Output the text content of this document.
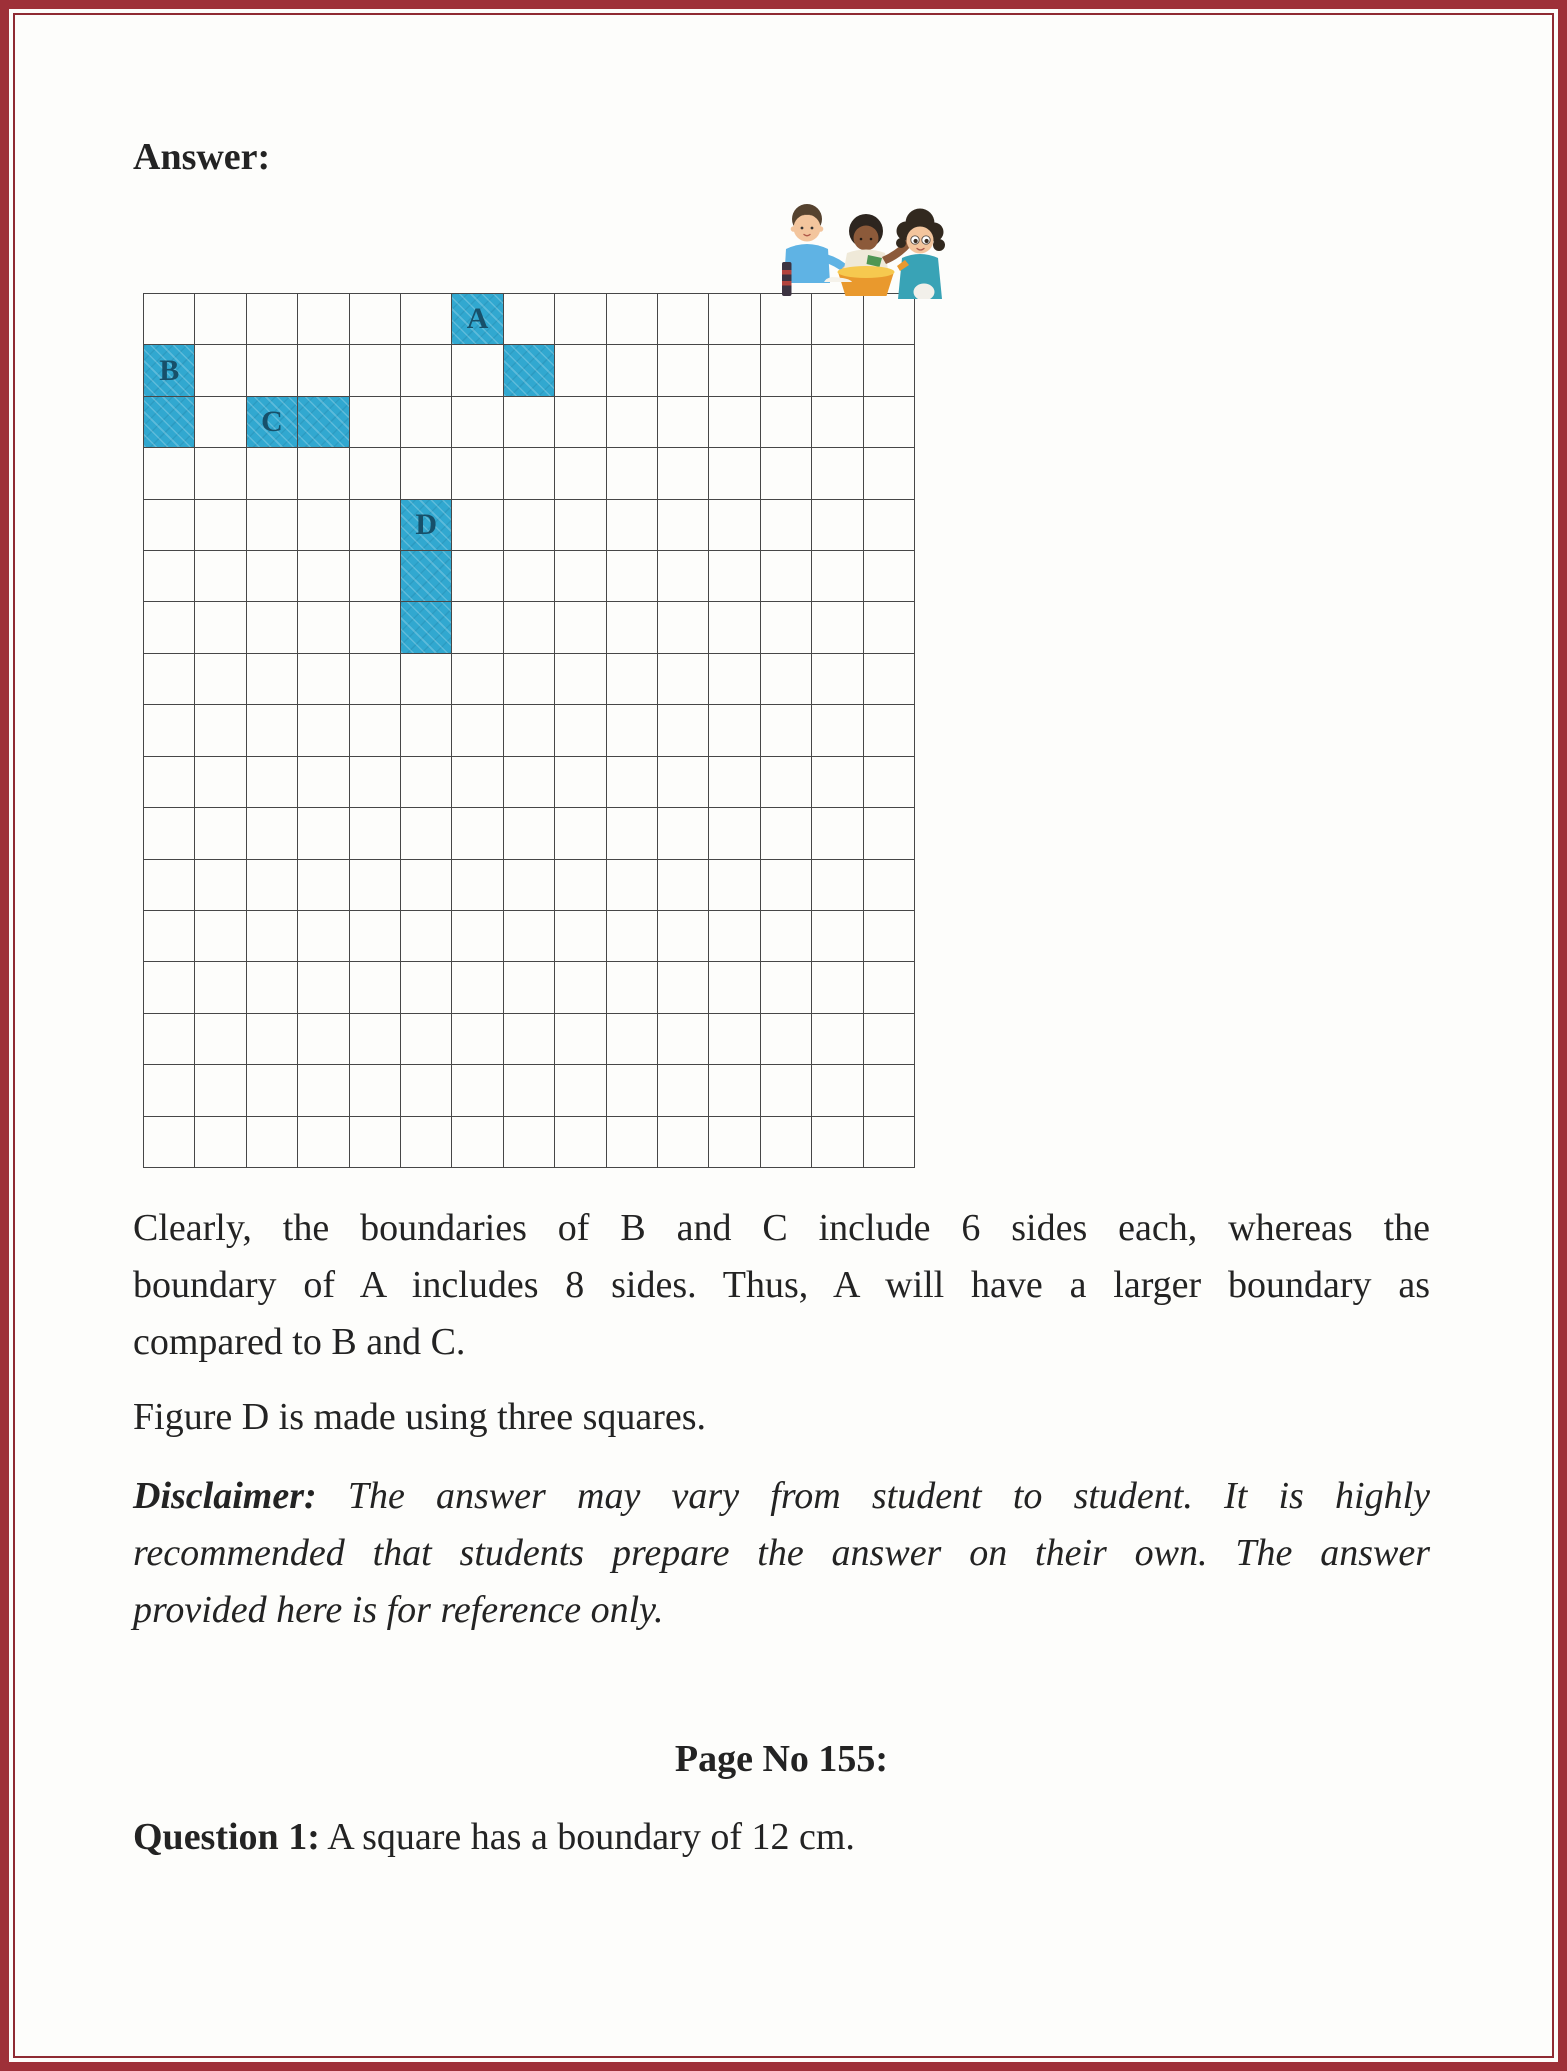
Answer:
A
B
C
D
Clearly, the boundaries of B and C include 6 sides each, whereas the
boundary of A includes 8 sides. Thus, A will have a larger boundary as
compared to B and C.
Figure D is made using three squares.
Disclaimer: The answer may vary from student to student. It is highly
recommended that students prepare the answer on their own. The answer
provided here is for reference only.
Page No 155:
Question 1: A square has a boundary of 12 cm.
